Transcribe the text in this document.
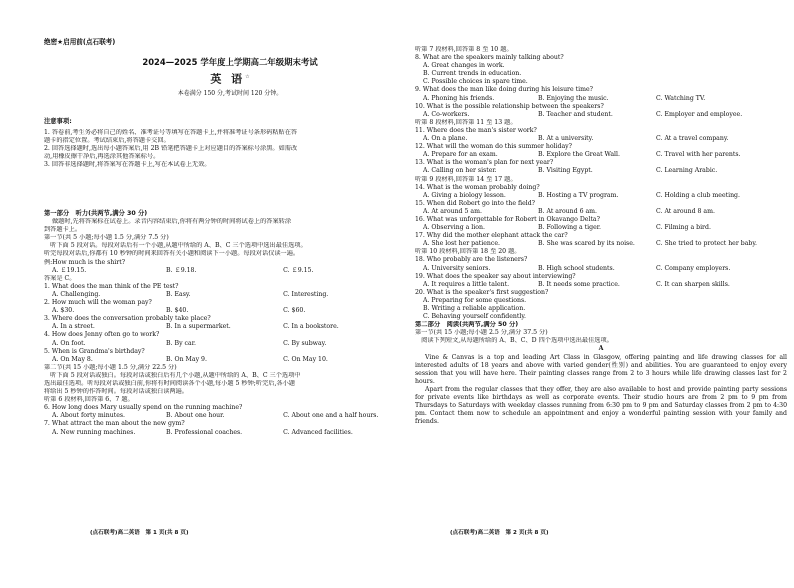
绝密★启用前(点石联考)
2024—2025 学年度上学期高二年级期末考试
英 语☆
本卷满分 150 分,考试时间 120 分钟。
注意事项:
1. 答卷前,考生务必将自己的姓名、准考证号等填写在答题卡上,并将准考证号条形码粘贴在答
题卡的指定位置。考试结束后,将答题卡交回。
2. 回答选择题时,选出每小题答案后,用 2B 铅笔把答题卡上对应题目的答案标号涂黑。如需改
动,用橡皮擦干净后,再选涂其他答案标号。
3. 回答非选择题时,将答案写在答题卡上,写在本试卷上无效。
第一部分　听力(共两节,满分 30 分)
做题时,先将答案标在试卷上。录音内容结束后,你将有两分钟的时间将试卷上的答案转涂
到答题卡上。
第一节(共 5 小题;每小题 1.5 分,满分 7.5 分)
　听下面 5 段对话。每段对话后有一个小题,从题中所给的 A、B、C 三个选项中选出最佳选项。
听完每段对话后,你都有 10 秒钟的时间来回答有关小题和阅读下一小题。每段对话仅读一遍。
例:How much is the shirt?
A. ￡19.15.	B. ￡9.18.	C. ￡9.15.
答案是 C。
1. What does the man think of the PE test?
A. Challenging.	B. Easy.	C. Interesting.
2. How much will the woman pay?
A. $30.	B. $40.	C. $60.
3. Where does the conversation probably take place?
A. In a street.	B. In a supermarket.	C. In a bookstore.
4. How does Jenny often go to work?
A. On foot.	B. By car.	C. By subway.
5. When is Grandma's birthday?
A. On May 8.	B. On May 9.	C. On May 10.
第二节(共 15 小题;每小题 1.5 分,满分 22.5 分)
　听下面 5 段对话或独白。每段对话或独白后有几个小题,从题中所给的 A、B、C 三个选项中
选出最佳选项。听每段对话或独白前,你将有时间阅读各个小题,每小题 5 秒钟;听完后,各小题
将给出 5 秒钟的作答时间。每段对话或独白读两遍。
听第 6 段材料,回答第 6、7 题。
6. How long does Mary usually spend on the running machine?
A. About forty minutes.	B. About one hour.	C. About one and a half hours.
7. What attract the man about the new gym?
A. New running machines.	B. Professional coaches.	C. Advanced facilities.
听第 7 段材料,回答第 8 至 10 题。
8. What are the speakers mainly talking about?
A. Great changes in work.
B. Current trends in education.
C. Possible choices in spare time.
9. What does the man like doing during his leisure time?
A. Phoning his friends.	B. Enjoying the music.	C. Watching TV.
10. What is the possible relationship between the speakers?
A. Co-workers.	B. Teacher and student.	C. Employer and employee.
听第 8 段材料,回答第 11 至 13 题。
11. Where does the man's sister work?
A. On a plane.	B. At a university.	C. At a travel company.
12. What will the woman do this summer holiday?
A. Prepare for an exam.	B. Explore the Great Wall.	C. Travel with her parents.
13. What is the woman's plan for next year?
A. Calling on her sister.	B. Visiting Egypt.	C. Learning Arabic.
听第 9 段材料,回答第 14 至 17 题。
14. What is the woman probably doing?
A. Giving a biology lesson.	B. Hosting a TV program.	C. Holding a club meeting.
15. When did Robert go into the field?
A. At around 5 am.	B. At around 6 am.	C. At around 8 am.
16. What was unforgettable for Robert in Okavango Delta?
A. Observing a lion.	B. Following a tiger.	C. Filming a bird.
17. Why did the mother elephant attack the car?
A. She lost her patience.	B. She was scared by its noise.	C. She tried to protect her baby.
听第 10 段材料,回答第 18 至 20 题。
18. Who probably are the listeners?
A. University seniors.	B. High school students.	C. Company employers.
19. What does the speaker say about interviewing?
A. It requires a little talent.	B. It needs some practice.	C. It can sharpen skills.
20. What is the speaker's first suggestion?
A. Preparing for some questions.
B. Writing a reliable application.
C. Behaving yourself confidently.
第二部分　阅读(共两节,满分 50 分)
第一节(共 15 小题;每小题 2.5 分,满分 37.5 分)
　阅读下列短文,从每题所给的 A、B、C、D 四个选项中选出最佳选项。
A
Vine & Canvas is a top and leading Art Class in Glasgow, offering painting and life drawing classes for all interested adults of 18 years and above with varied gender(性别) and abilities. You are guaranteed to enjoy every session that you will have here. Their painting classes range from 2 to 3 hours while life drawing classes last for 2 hours.
Apart from the regular classes that they offer, they are also available to host and provide painting party sessions for private events like birthdays as well as corporate events. Their studio hours are from 2 pm to 9 pm from Thursdays to Saturdays with weekday classes running from 6:30 pm to 9 pm and Saturday classes from 2 pm to 4:30 pm. Contact them now to schedule an appointment and enjoy a wonderful painting session with your family and friends.
(点石联考)高二英语　第 1 页(共 8 页)	(点石联考)高二英语　第 2 页(共 8 页)
